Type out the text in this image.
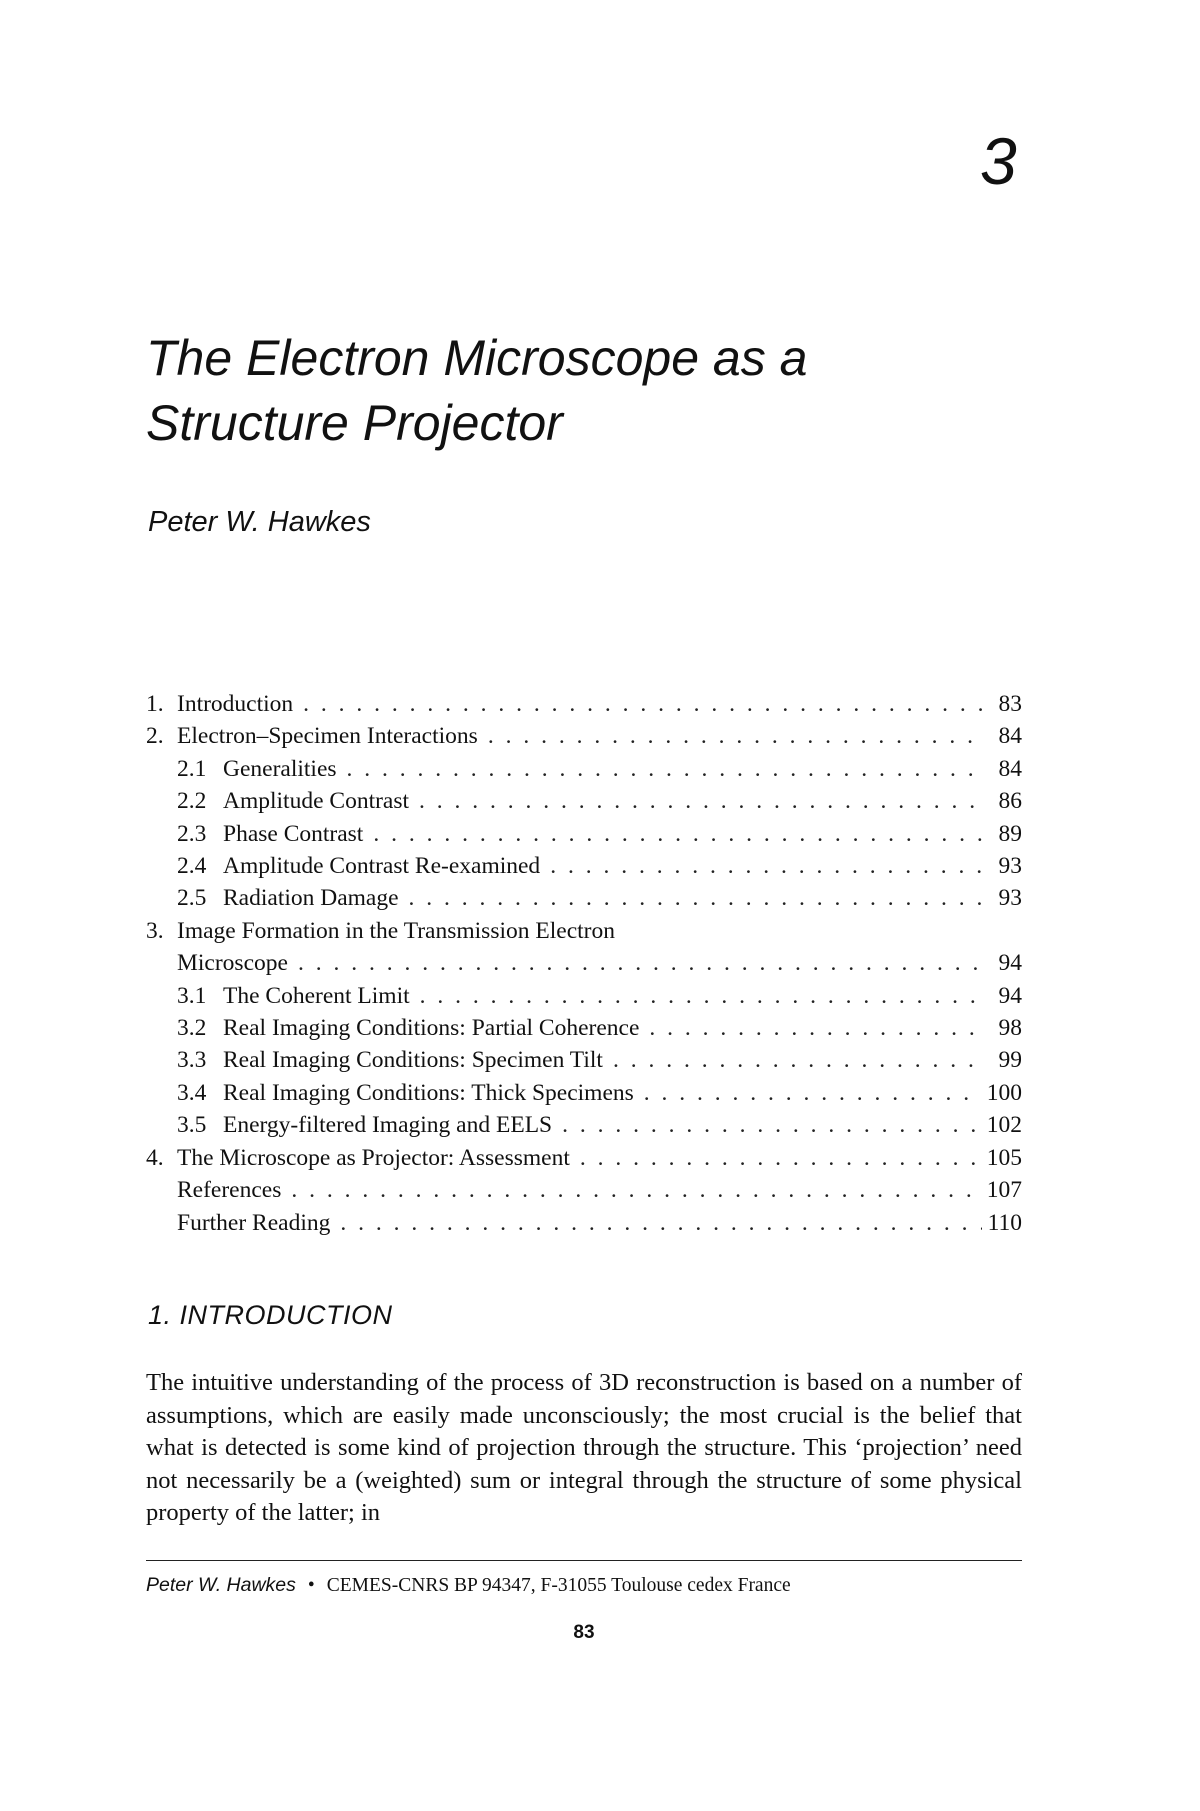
3
The Electron Microscope as a
Structure Projector
Peter W. Hawkes
1. Introduction . . .	83
2. Electron–Specimen Interactions . . .	84
2.1 Generalities . . .	84
2.2 Amplitude Contrast . . .	86
2.3 Phase Contrast . . .	89
2.4 Amplitude Contrast Re-examined . . .	93
2.5 Radiation Damage . . .	93
3. Image Formation in the Transmission Electron
Microscope . . .	94
3.1 The Coherent Limit . . .	94
3.2 Real Imaging Conditions: Partial Coherence . . .	98
3.3 Real Imaging Conditions: Specimen Tilt . . .	99
3.4 Real Imaging Conditions: Thick Specimens . . .	100
3.5 Energy-filtered Imaging and EELS . . .	102
4. The Microscope as Projector: Assessment . . .	105
References . . .	107
Further Reading . . .	110
1. INTRODUCTION

The intuitive understanding of the process of 3D reconstruction is based on a number of assumptions, which are easily made unconsciously; the most crucial is the belief that what is detected is some kind of projection through the structure. This ‘projection’ need not necessarily be a (weighted) sum or integral through the structure of some physical property of the latter; in

Peter W. Hawkes • CEMES-CNRS BP 94347, F-31055 Toulouse cedex France
83
